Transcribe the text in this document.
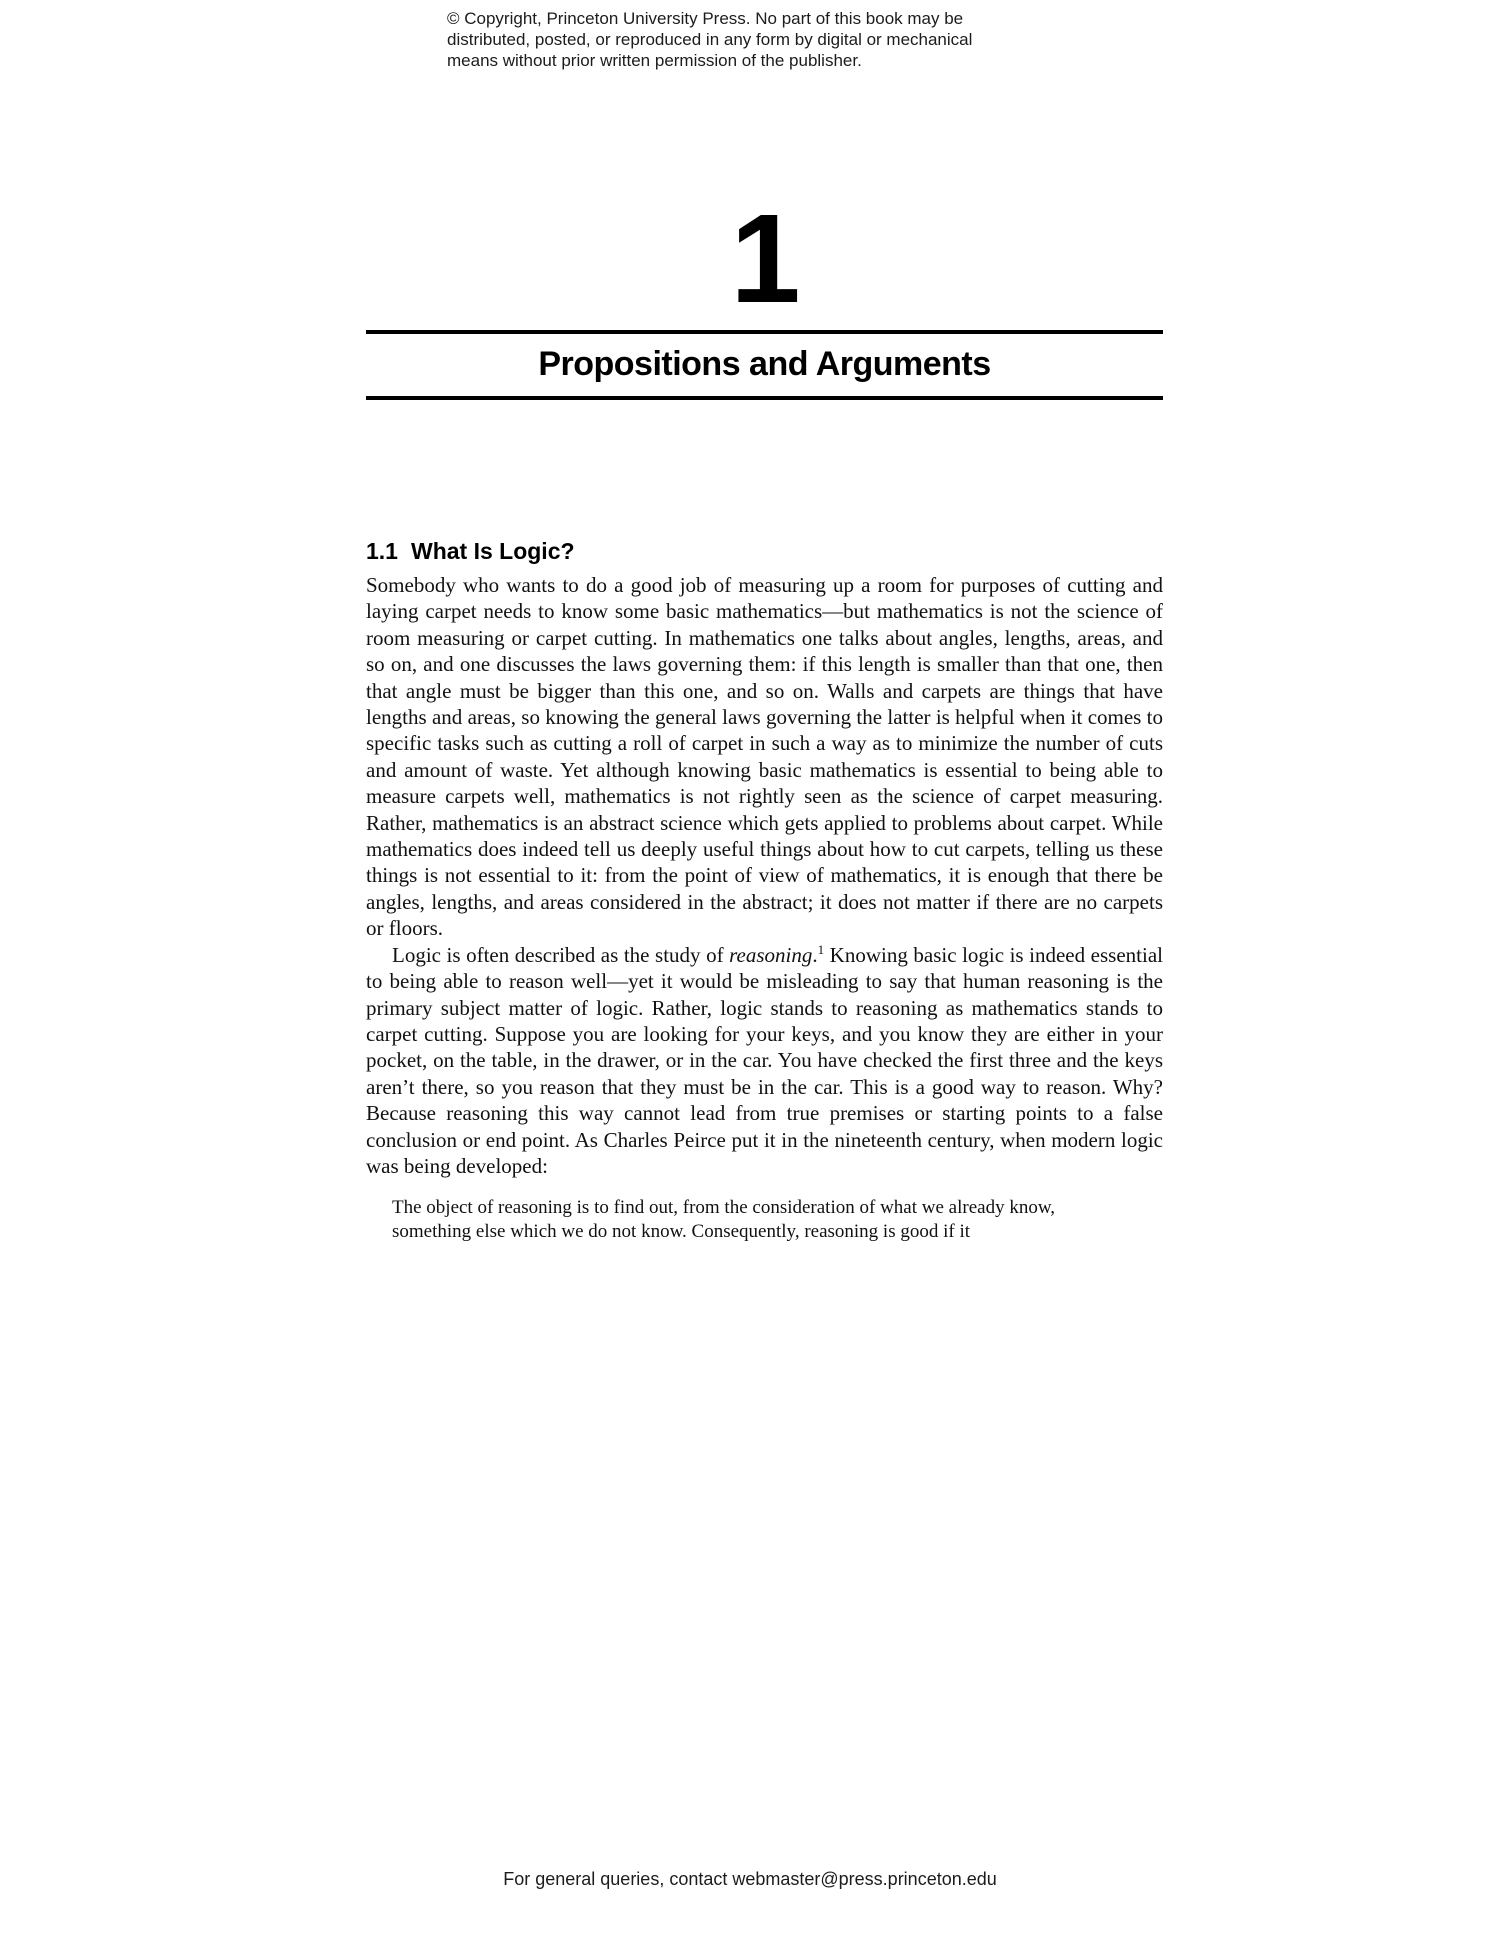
© Copyright, Princeton University Press. No part of this book may be
distributed, posted, or reproduced in any form by digital or mechanical
means without prior written permission of the publisher.
1
Propositions and Arguments
1.1 What Is Logic?

Somebody who wants to do a good job of measuring up a room for purposes of cutting and laying carpet needs to know some basic mathematics—but mathematics is not the science of room measuring or carpet cutting. In mathematics one talks about angles, lengths, areas, and so on, and one discusses the laws governing them: if this length is smaller than that one, then that angle must be bigger than this one, and so on. Walls and carpets are things that have lengths and areas, so knowing the general laws governing the latter is helpful when it comes to specific tasks such as cutting a roll of carpet in such a way as to minimize the number of cuts and amount of waste. Yet although knowing basic mathematics is essential to being able to measure carpets well, mathematics is not rightly seen as the science of carpet measuring. Rather, mathematics is an abstract science which gets applied to problems about carpet. While mathematics does indeed tell us deeply useful things about how to cut carpets, telling us these things is not essential to it: from the point of view of mathematics, it is enough that there be angles, lengths, and areas considered in the abstract; it does not matter if there are no carpets or floors.

Logic is often described as the study of reasoning.$^1$ Knowing basic logic is indeed essential to being able to reason well—yet it would be misleading to say that human reasoning is the primary subject matter of logic. Rather, logic stands to reasoning as mathematics stands to carpet cutting. Suppose you are looking for your keys, and you know they are either in your pocket, on the table, in the drawer, or in the car. You have checked the first three and the keys aren’t there, so you reason that they must be in the car. This is a good way to reason. Why? Because reasoning this way cannot lead from true premises or starting points to a false conclusion or end point. As Charles Peirce put it in the nineteenth century, when modern logic was being developed:

The object of reasoning is to find out, from the consideration of what we already know, something else which we do not know. Consequently, reasoning is good if it

For general queries, contact webmaster@press.princeton.edu
